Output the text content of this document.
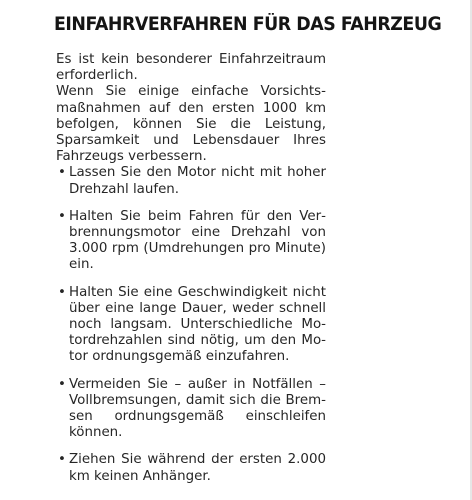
EINFAHRVERFAHREN FÜR DAS FAHRZEUG

Es ist kein besonderer Einfahrzeitraum erforderlich.

Wenn Sie einige einfache Vorsichtsmaßnahmen auf den ersten 1000 km befolgen, können Sie die Leistung, Sparsamkeit und Lebensdauer Ihres Fahrzeugs verbessern.

• Lassen Sie den Motor nicht mit hoher Drehzahl laufen.
• Halten Sie beim Fahren für den Verbrennungsmotor eine Drehzahl von 3.000 rpm (Umdrehungen pro Minute) ein.
• Halten Sie eine Geschwindigkeit nicht über eine lange Dauer, weder schnell noch langsam. Unterschiedliche Motordrehzahlen sind nötig, um den Motor ordnungsgemäß einzufahren.
• Vermeiden Sie – außer in Notfällen – Vollbremsungen, damit sich die Bremsen ordnungsgemäß einschleifen können.
• Ziehen Sie während der ersten 2.000 km keinen Anhänger.
